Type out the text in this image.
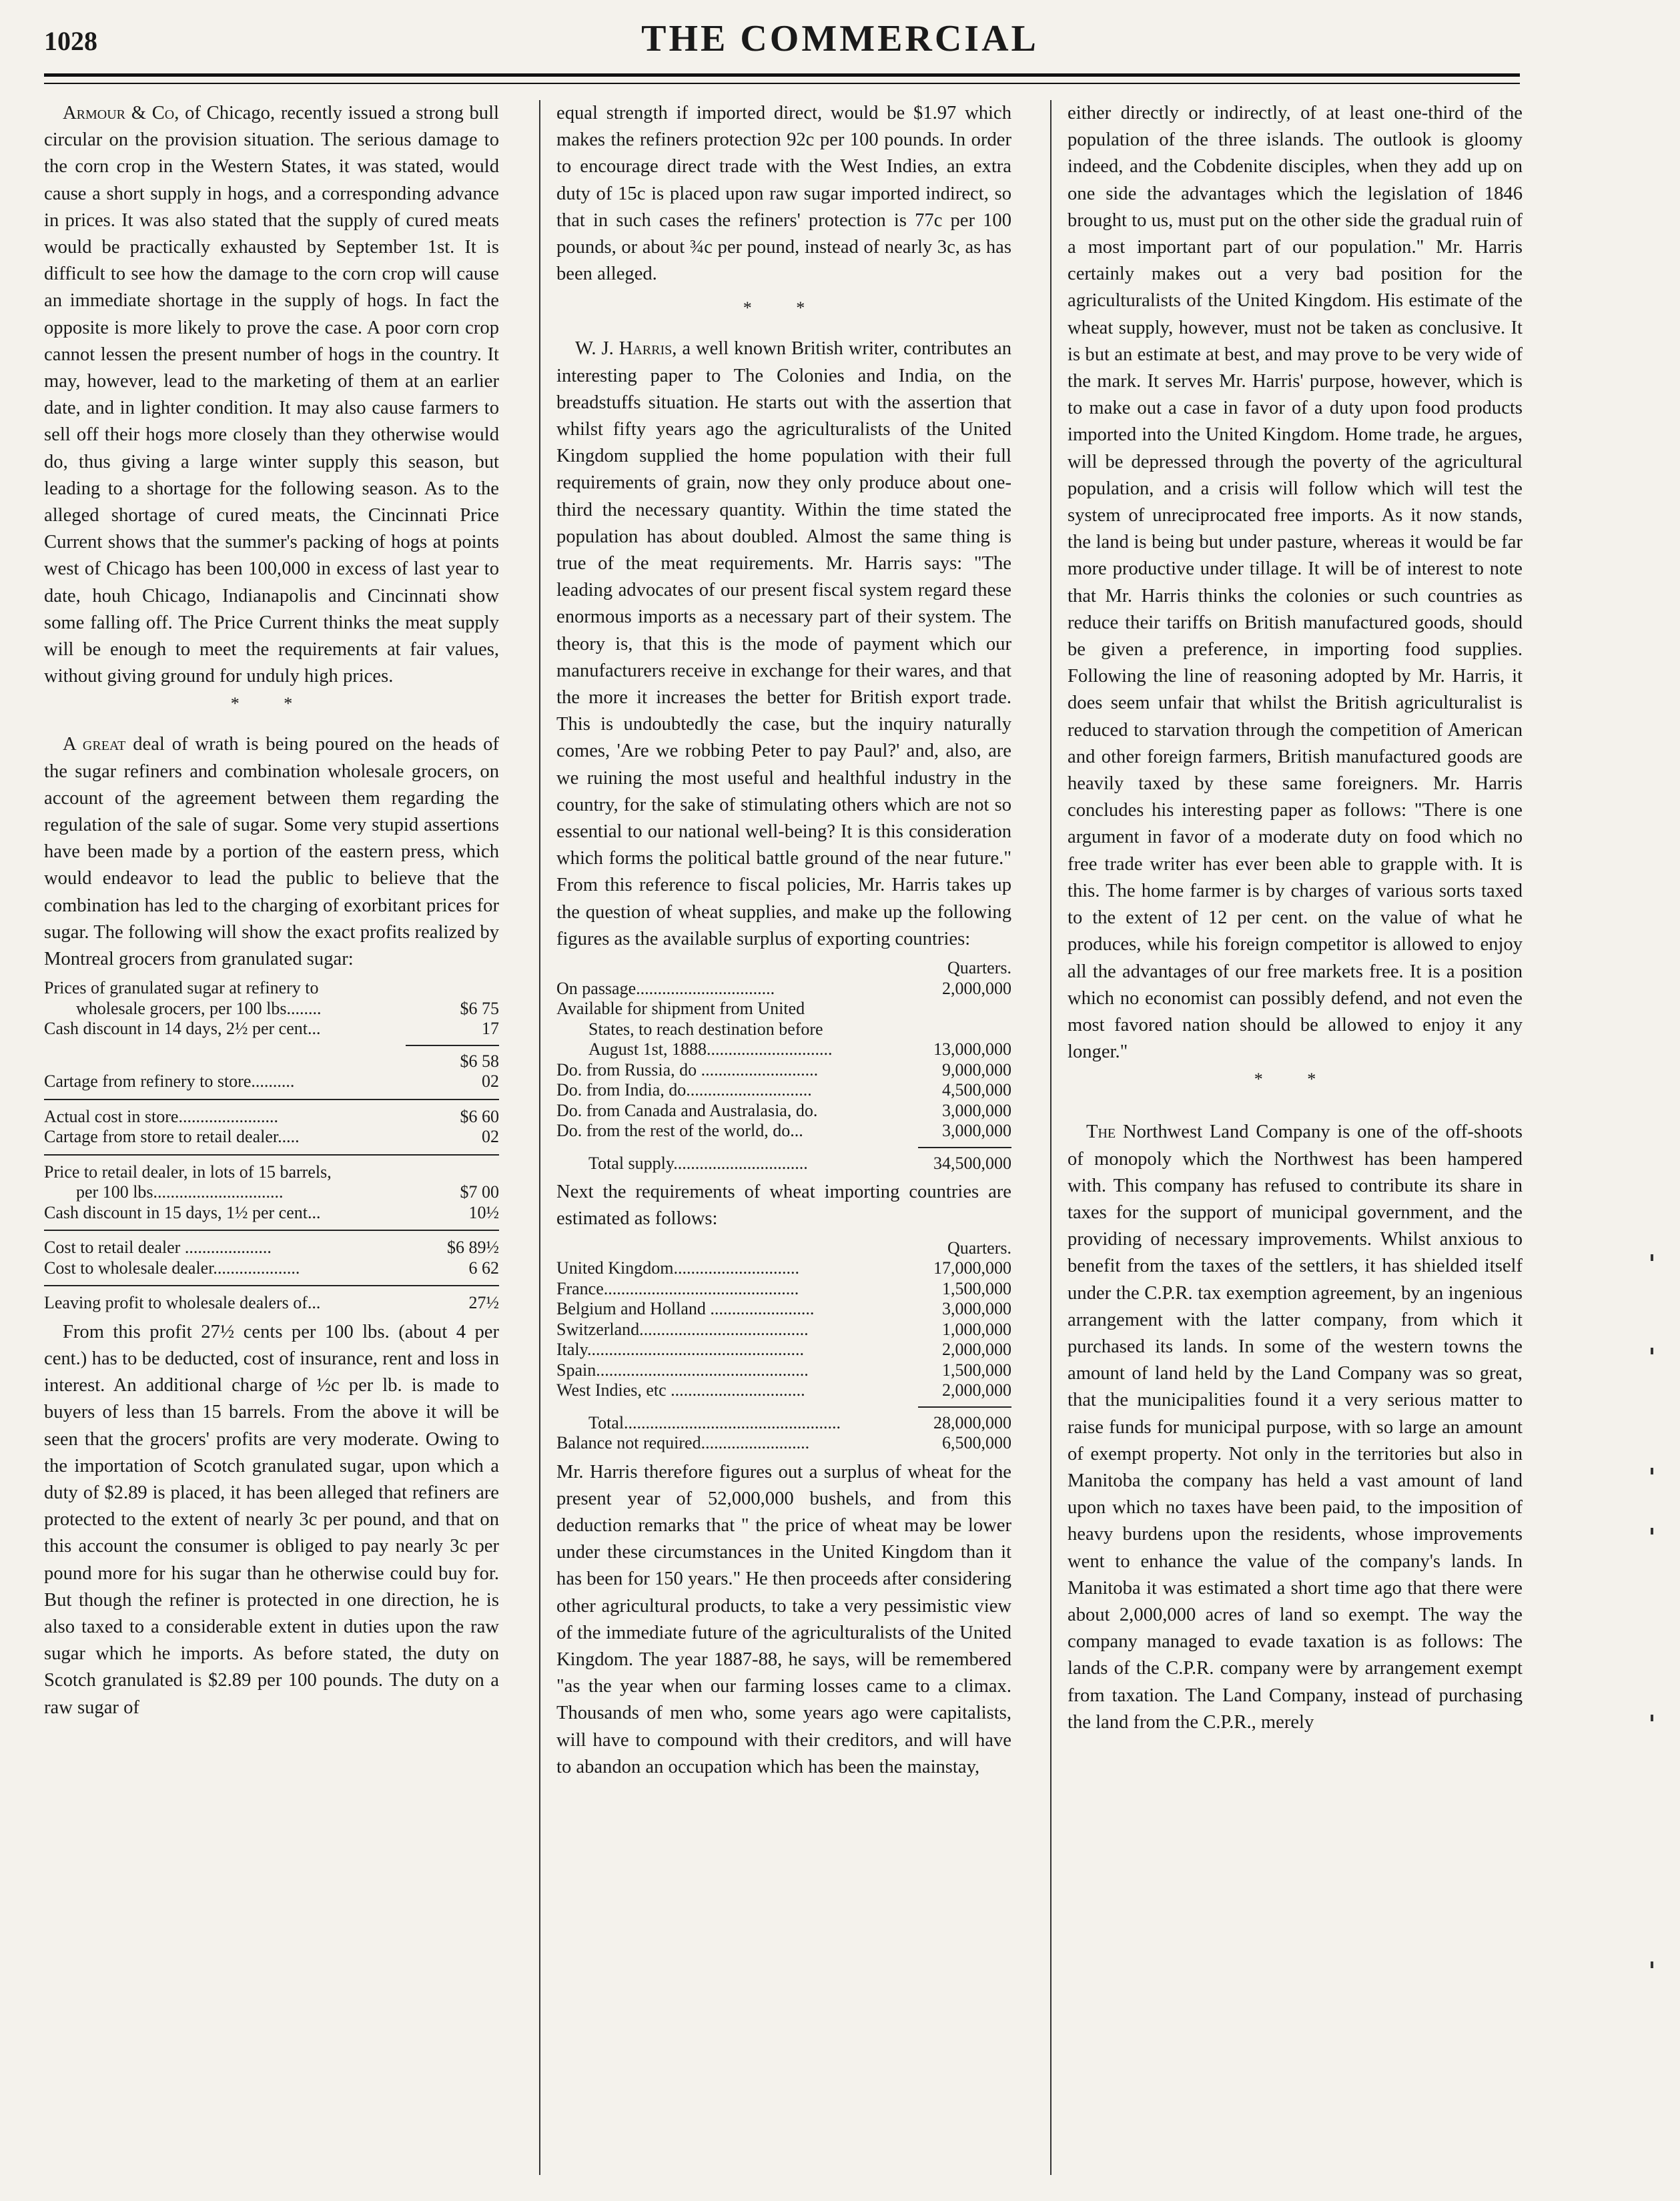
1028	THE COMMERCIAL

Armour & Co, of Chicago, recently issued a strong bull circular on the provision situation. The serious damage to the corn crop in the Western States, it was stated, would cause a short supply in hogs, and a corresponding advance in prices. It was also stated that the supply of cured meats would be practically exhausted by September 1st. It is difficult to see how the damage to the corn crop will cause an immediate shortage in the supply of hogs. In fact the opposite is more likely to prove the case. A poor corn crop cannot lessen the present number of hogs in the country. It may, however, lead to the marketing of them at an earlier date, and in lighter condition. It may also cause farmers to sell off their hogs more closely than they otherwise would do, thus giving a large winter supply this season, but leading to a shortage for the following season. As to the alleged shortage of cured meats, the Cincinnati Price Current shows that the summer's packing of hogs at points west of Chicago has been 100,000 in excess of last year to date, houh Chicago, Indianapolis and Cincinnati show some falling off. The Price Current thinks the meat supply will be enough to meet the requirements at fair values, without giving ground for unduly high prices.

* *

A great deal of wrath is being poured on the heads of the sugar refiners and combination wholesale grocers, on account of the agreement between them regarding the regulation of the sale of sugar. Some very stupid assertions have been made by a portion of the eastern press, which would endeavor to lead the public to believe that the combination has led to the charging of exorbitant prices for sugar. The following will show the exact profits realized by Montreal grocers from granulated sugar:

Prices of granulated sugar at refinery to
wholesale grocers, per 100 lbs........	$6 75
Cash discount in 14 days, 2½ per cent...	17
$6 58
Cartage from refinery to store..........	02
Actual cost in store.......................	$6 60
Cartage from store to retail dealer.....	02
Price to retail dealer, in lots of 15 barrels,
per 100 lbs..............................	$7 00
Cash discount in 15 days, 1½ per cent...	10½
Cost to retail dealer ....................	$6 89½
Cost to wholesale dealer....................	6 62
Leaving profit to wholesale dealers of...	27½

From this profit 27½ cents per 100 lbs. (about 4 per cent.) has to be deducted, cost of insurance, rent and loss in interest. An additional charge of ½c per lb. is made to buyers of less than 15 barrels. From the above it will be seen that the grocers' profits are very moderate. Owing to the importation of Scotch granulated sugar, upon which a duty of $2.89 is placed, it has been alleged that refiners are protected to the extent of nearly 3c per pound, and that on this account the consumer is obliged to pay nearly 3c per pound more for his sugar than he otherwise could buy for. But though the refiner is protected in one direction, he is also taxed to a considerable extent in duties upon the raw sugar which he imports. As before stated, the duty on Scotch granulated is $2.89 per 100 pounds. The duty on a raw sugar of

equal strength if imported direct, would be $1.97 which makes the refiners protection 92c per 100 pounds. In order to encourage direct trade with the West Indies, an extra duty of 15c is placed upon raw sugar imported indirect, so that in such cases the refiners' protection is 77c per 100 pounds, or about ¾c per pound, instead of nearly 3c, as has been alleged.

* *

W. J. Harris, a well known British writer, contributes an interesting paper to The Colonies and India, on the breadstuffs situation. He starts out with the assertion that whilst fifty years ago the agriculturalists of the United Kingdom supplied the home population with their full requirements of grain, now they only produce about one-third the necessary quantity. Within the time stated the population has about doubled. Almost the same thing is true of the meat requirements. Mr. Harris says: "The leading advocates of our present fiscal system regard these enormous imports as a necessary part of their system. The theory is, that this is the mode of payment which our manufacturers receive in exchange for their wares, and that the more it increases the better for British export trade. This is undoubtedly the case, but the inquiry naturally comes, 'Are we robbing Peter to pay Paul?' and, also, are we ruining the most useful and healthful industry in the country, for the sake of stimulating others which are not so essential to our national well-being? It is this consideration which forms the political battle ground of the near future." From this reference to fiscal policies, Mr. Harris takes up the question of wheat supplies, and make up the following figures as the available surplus of exporting countries:

Quarters.
On passage................................	2,000,000
Available for shipment from United
States, to reach destination before
August 1st, 1888.............................	13,000,000
Do. from Russia, do ...........................	9,000,000
Do. from India, do.............................	4,500,000
Do. from Canada and Australasia, do.	3,000,000
Do. from the rest of the world, do...	3,000,000
Total supply...............................	34,500,000

Next the requirements of wheat importing countries are estimated as follows:

Quarters.
United Kingdom.............................	17,000,000
France.............................................	1,500,000
Belgium and Holland ........................	3,000,000
Switzerland.......................................	1,000,000
Italy..................................................	2,000,000
Spain.................................................	1,500,000
West Indies, etc ...............................	2,000,000
Total..................................................	28,000,000
Balance not required.........................	6,500,000

Mr. Harris therefore figures out a surplus of wheat for the present year of 52,000,000 bushels, and from this deduction remarks that " the price of wheat may be lower under these circumstances in the United Kingdom than it has been for 150 years." He then proceeds after considering other agricultural products, to take a very pessimistic view of the immediate future of the agriculturalists of the United Kingdom. The year 1887-88, he says, will be remembered "as the year when our farming losses came to a climax. Thousands of men who, some years ago were capitalists, will have to compound with their creditors, and will have to abandon an occupation which has been the mainstay,

either directly or indirectly, of at least one-third of the population of the three islands. The outlook is gloomy indeed, and the Cobdenite disciples, when they add up on one side the advantages which the legislation of 1846 brought to us, must put on the other side the gradual ruin of a most important part of our population." Mr. Harris certainly makes out a very bad position for the agriculturalists of the United Kingdom. His estimate of the wheat supply, however, must not be taken as conclusive. It is but an estimate at best, and may prove to be very wide of the mark. It serves Mr. Harris' purpose, however, which is to make out a case in favor of a duty upon food products imported into the United Kingdom. Home trade, he argues, will be depressed through the poverty of the agricultural population, and a crisis will follow which will test the system of unreciprocated free imports. As it now stands, the land is being but under pasture, whereas it would be far more productive under tillage. It will be of interest to note that Mr. Harris thinks the colonies or such countries as reduce their tariffs on British manufactured goods, should be given a preference, in importing food supplies. Following the line of reasoning adopted by Mr. Harris, it does seem unfair that whilst the British agriculturalist is reduced to starvation through the competition of American and other foreign farmers, British manufactured goods are heavily taxed by these same foreigners. Mr. Harris concludes his interesting paper as follows: "There is one argument in favor of a moderate duty on food which no free trade writer has ever been able to grapple with. It is this. The home farmer is by charges of various sorts taxed to the extent of 12 per cent. on the value of what he produces, while his foreign competitor is allowed to enjoy all the advantages of our free markets free. It is a position which no economist can possibly defend, and not even the most favored nation should be allowed to enjoy it any longer."

* *

The Northwest Land Company is one of the off-shoots of monopoly which the Northwest has been hampered with. This company has refused to contribute its share in taxes for the support of municipal government, and the providing of necessary improvements. Whilst anxious to benefit from the taxes of the settlers, it has shielded itself under the C.P.R. tax exemption agreement, by an ingenious arrangement with the latter company, from which it purchased its lands. In some of the western towns the amount of land held by the Land Company was so great, that the municipalities found it a very serious matter to raise funds for municipal purpose, with so large an amount of exempt property. Not only in the territories but also in Manitoba the company has held a vast amount of land upon which no taxes have been paid, to the imposition of heavy burdens upon the residents, whose improvements went to enhance the value of the company's lands. In Manitoba it was estimated a short time ago that there were about 2,000,000 acres of land so exempt. The way the company managed to evade taxation is as follows: The lands of the C.P.R. company were by arrangement exempt from taxation. The Land Company, instead of purchasing the land from the C.P.R., merely
